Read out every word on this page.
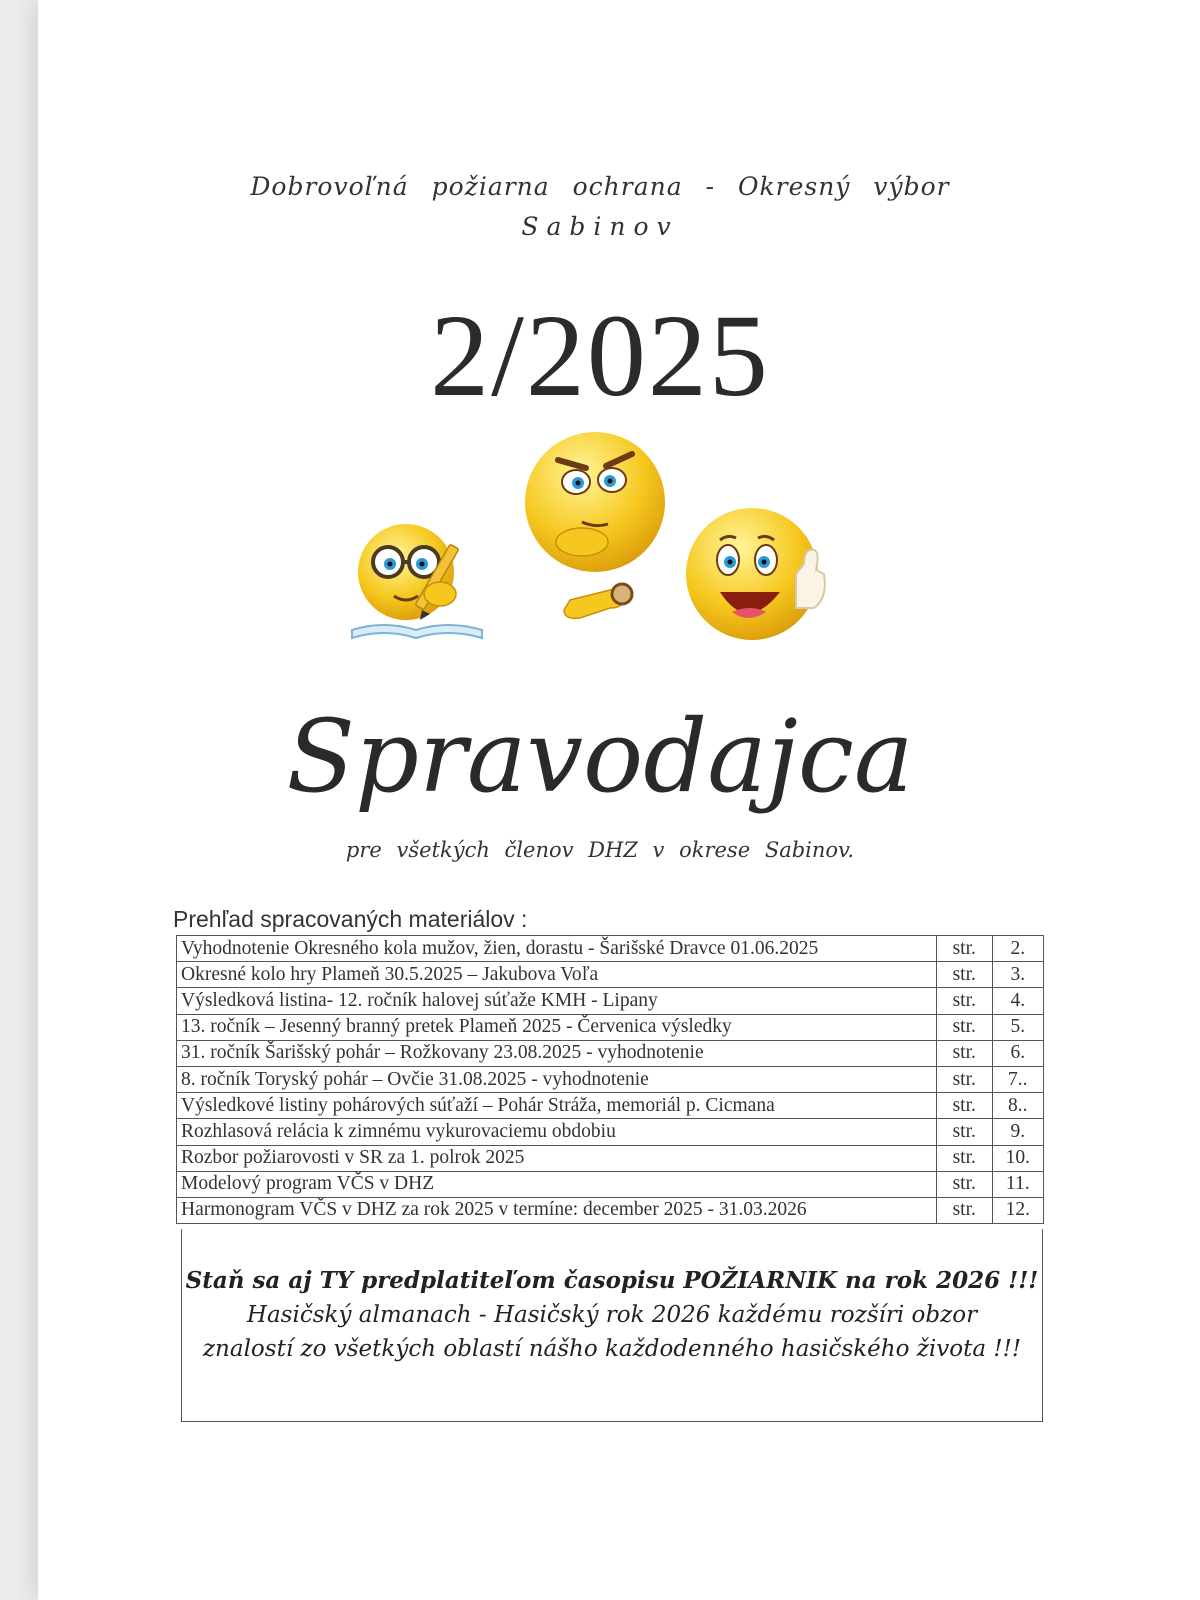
Dobrovoľná požiarna ochrana - Okresný výbor
Sabinov
2/2025
Spravodajca
pre všetkých členov DHZ v okrese Sabinov.
Prehľad spracovaných materiálov :
Vyhodnotenie Okresného kola mužov, žien, dorastu - Šarišské Dravce 01.06.2025	str.	2.
Okresné kolo hry Plameň 30.5.2025 – Jakubova Voľa	str.	3.
Výsledková listina- 12. ročník halovej súťaže KMH - Lipany	str.	4.
13. ročník – Jesenný branný pretek Plameň 2025 - Červenica výsledky	str.	5.
31. ročník Šarišský pohár – Rožkovany 23.08.2025 - vyhodnotenie	str.	6.
8. ročník Toryský pohár – Ovčie 31.08.2025 - vyhodnotenie	str.	7..
Výsledkové listiny pohárových súťaží – Pohár Stráža, memoriál p. Cicmana	str.	8..
Rozhlasová relácia k zimnému vykurovaciemu obdobiu	str.	9.
Rozbor požiarovosti v SR za 1. polrok 2025	str.	10.
Modelový program VČS v DHZ	str.	11.
Harmonogram VČS v DHZ za rok 2025 v termíne: december 2025 - 31.03.2026	str.	12.
Staň sa aj TY predplatiteľom časopisu POŽIARNIK na rok 2026 !!!
Hasičský almanach - Hasičský rok 2026 každému rozšíri obzor
znalostí zo všetkých oblastí nášho každodenného hasičského života !!!
